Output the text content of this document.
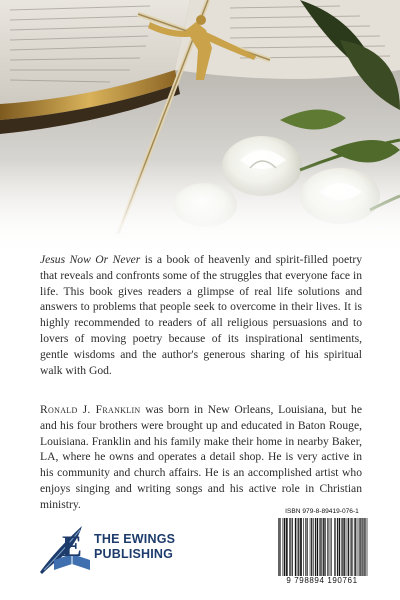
Jesus Now Or Never is a book of heavenly and spirit-filled poetry that reveals and confronts some of the struggles that everyone face in life. This book gives readers a glimpse of real life solutions and answers to problems that people seek to overcome in their lives. It is highly recommended to readers of all religious persuasions and to lovers of moving poetry because of its inspirational sentiments, gentle wisdoms and the author's generous sharing of his spiritual walk with God.

Ronald J. Franklin was born in New Orleans, Louisiana, but he and his four brothers were brought up and educated in Baton Rouge, Louisiana. Franklin and his family make their home in nearby Baker, LA, where he owns and operates a detail shop. He is very active in his community and church affairs. He is an accomplished artist who enjoys singing and writing songs and his active role in Christian ministry.

E THE EWINGS
PUBLISHING
ISBN 979-8-89419-076-1
9 798894 190761
